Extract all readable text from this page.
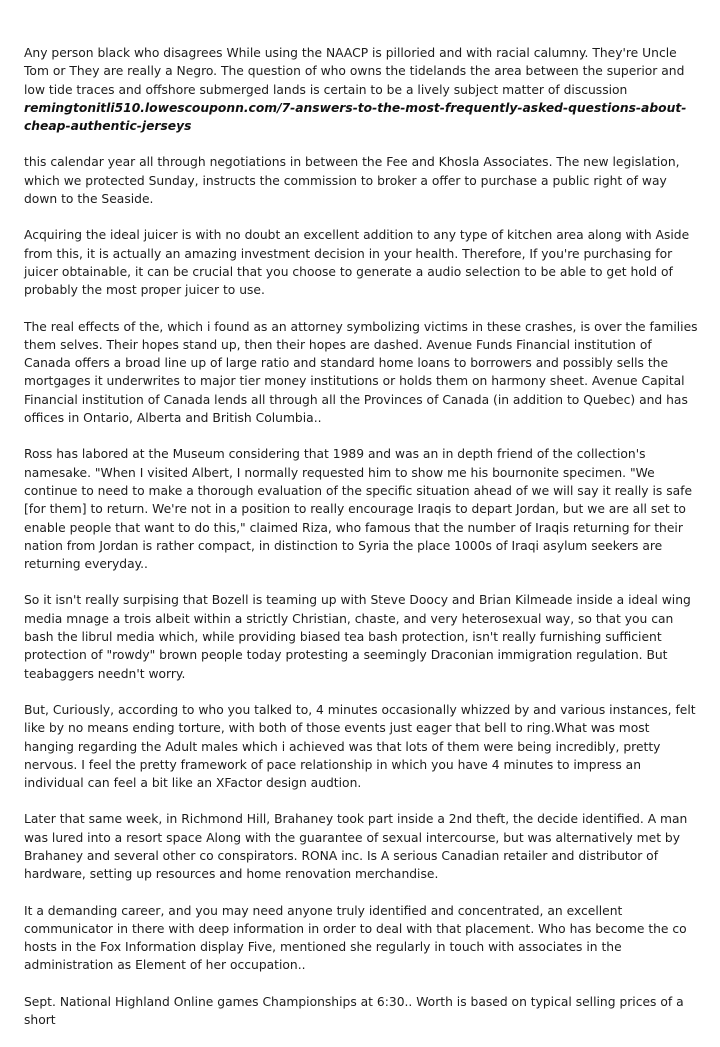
Any person black who disagrees While using the NAACP is pilloried and with racial calumny. They're Uncle Tom or They are really a Negro. The question of who owns the tidelands the area between the superior and low tide traces and offshore submerged lands is certain to be a lively subject matter of discussion
remingtonitli510.lowescouponn.com/7-answers-to-the-most-frequently-asked-questions-about-cheap-authentic-jerseys

this calendar year all through negotiations in between the Fee and Khosla Associates. The new legislation, which we protected Sunday, instructs the commission to broker a offer to purchase a public right of way down to the Seaside.

Acquiring the ideal juicer is with no doubt an excellent addition to any type of kitchen area along with Aside from this, it is actually an amazing investment decision in your health. Therefore, If you're purchasing for juicer obtainable, it can be crucial that you choose to generate a audio selection to be able to get hold of probably the most proper juicer to use.

The real effects of the, which i found as an attorney symbolizing victims in these crashes, is over the families them selves. Their hopes stand up, then their hopes are dashed. Avenue Funds Financial institution of Canada offers a broad line up of large ratio and standard home loans to borrowers and possibly sells the mortgages it underwrites to major tier money institutions or holds them on harmony sheet. Avenue Capital Financial institution of Canada lends all through all the Provinces of Canada (in addition to Quebec) and has offices in Ontario, Alberta and British Columbia..

Ross has labored at the Museum considering that 1989 and was an in depth friend of the collection's namesake. "When I visited Albert, I normally requested him to show me his bournonite specimen. "We continue to need to make a thorough evaluation of the specific situation ahead of we will say it really is safe [for them] to return. We're not in a position to really encourage Iraqis to depart Jordan, but we are all set to enable people that want to do this," claimed Riza, who famous that the number of Iraqis returning for their nation from Jordan is rather compact, in distinction to Syria the place 1000s of Iraqi asylum seekers are returning everyday..

So it isn't really surpising that Bozell is teaming up with Steve Doocy and Brian Kilmeade inside a ideal wing media mnage a trois albeit within a strictly Christian, chaste, and very heterosexual way, so that you can bash the librul media which, while providing biased tea bash protection, isn't really furnishing sufficient protection of "rowdy" brown people today protesting a seemingly Draconian immigration regulation. But teabaggers needn't worry.

But, Curiously, according to who you talked to, 4 minutes occasionally whizzed by and various instances, felt like by no means ending torture, with both of those events just eager that bell to ring.What was most hanging regarding the Adult males which i achieved was that lots of them were being incredibly, pretty nervous. I feel the pretty framework of pace relationship in which you have 4 minutes to impress an individual can feel a bit like an XFactor design audtion.

Later that same week, in Richmond Hill, Brahaney took part inside a 2nd theft, the decide identified. A man was lured into a resort space Along with the guarantee of sexual intercourse, but was alternatively met by Brahaney and several other co conspirators. RONA inc. Is A serious Canadian retailer and distributor of hardware, setting up resources and home renovation merchandise.

It a demanding career, and you may need anyone truly identified and concentrated, an excellent communicator in there with deep information in order to deal with that placement. Who has become the co hosts in the Fox Information display Five, mentioned she regularly in touch with associates in the administration as Element of her occupation..

Sept. National Highland Online games Championships at 6:30.. Worth is based on typical selling prices of a short
